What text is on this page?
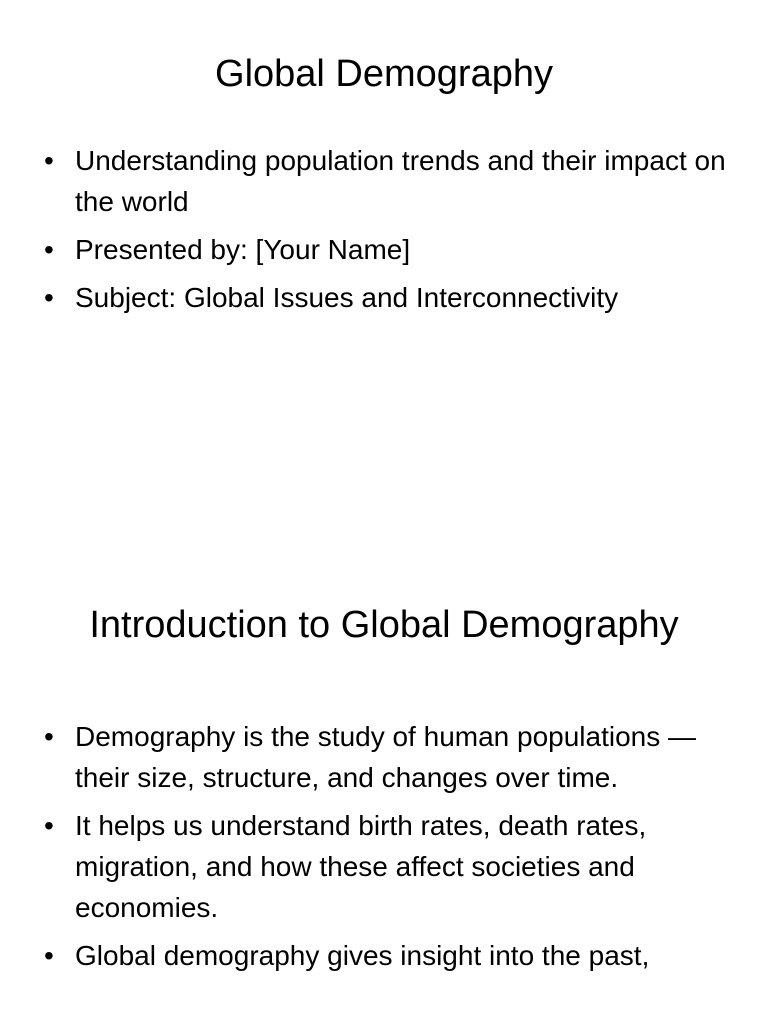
Global Demography
• Understanding population trends and their impact on the world
• Presented by: [Your Name]
• Subject: Global Issues and Interconnectivity
Introduction to Global Demography
• Demography is the study of human populations — their size, structure, and changes over time.
• It helps us understand birth rates, death rates, migration, and how these affect societies and economies.
• Global demography gives insight into the past,
